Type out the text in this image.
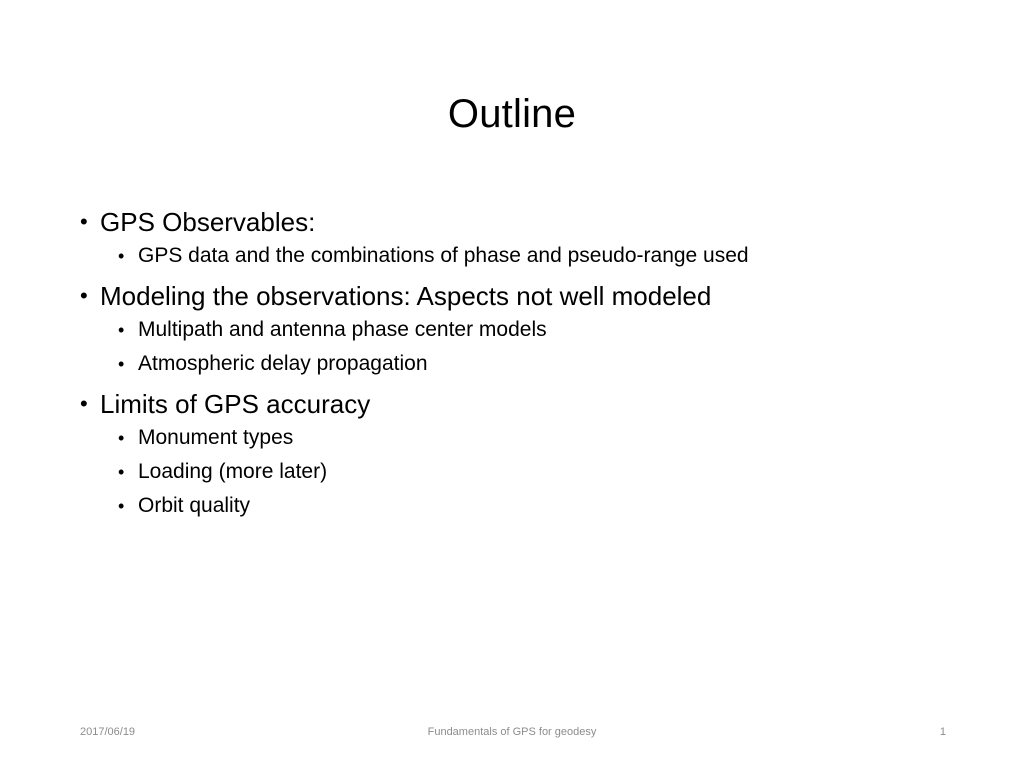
Outline
• GPS Observables:
• GPS data and the combinations of phase and pseudo-range used
• Modeling the observations: Aspects not well modeled
• Multipath and antenna phase center models
• Atmospheric delay propagation
• Limits of GPS accuracy
• Monument types
• Loading (more later)
• Orbit quality
2017/06/19	Fundamentals of GPS for geodesy	1
